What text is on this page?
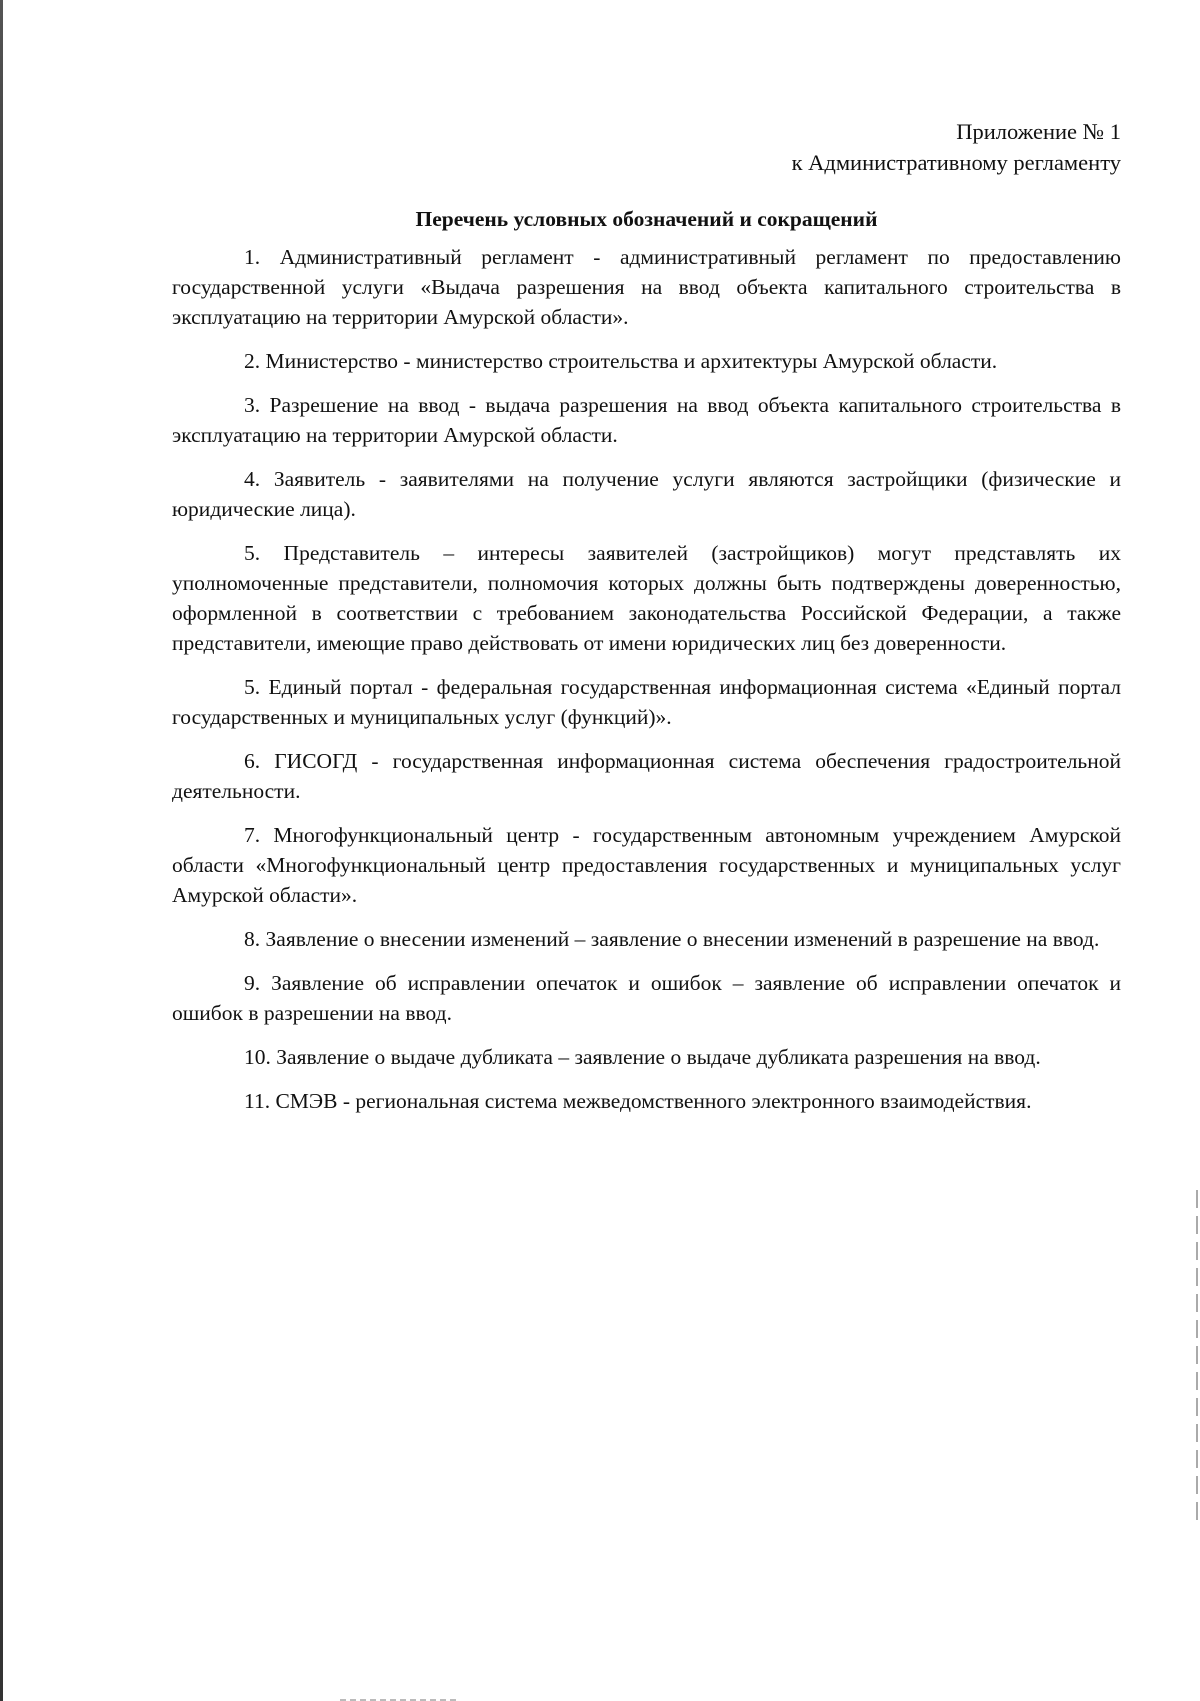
Приложение № 1
к Административному регламенту
Перечень условных обозначений и сокращений

1. Административный регламент - административный регламент по предоставлению государственной услуги «Выдача разрешения на ввод объекта капитального строительства в эксплуатацию на территории Амурской области».

2. Министерство - министерство строительства и архитектуры Амурской области.

3. Разрешение на ввод - выдача разрешения на ввод объекта капитального строительства в эксплуатацию на территории Амурской области.

4. Заявитель - заявителями на получение услуги являются застройщики (физические и юридические лица).

5. Представитель – интересы заявителей (застройщиков) могут представлять их уполномоченные представители, полномочия которых должны быть подтверждены доверенностью, оформленной в соответствии с требованием законодательства Российской Федерации, а также представители, имеющие право действовать от имени юридических лиц без доверенности.

5. Единый портал - федеральная государственная информационная система «Единый портал государственных и муниципальных услуг (функций)».

6. ГИСОГД - государственная информационная система обеспечения градостроительной деятельности.

7. Многофункциональный центр - государственным автономным учреждением Амурской области «Многофункциональный центр предоставления государственных и муниципальных услуг Амурской области».

8. Заявление о внесении изменений – заявление о внесении изменений в разрешение на ввод.

9. Заявление об исправлении опечаток и ошибок – заявление об исправлении опечаток и ошибок в разрешении на ввод.

10. Заявление о выдаче дубликата – заявление о выдаче дубликата разрешения на ввод.

11. СМЭВ - региональная система межведомственного электронного взаимодействия.
